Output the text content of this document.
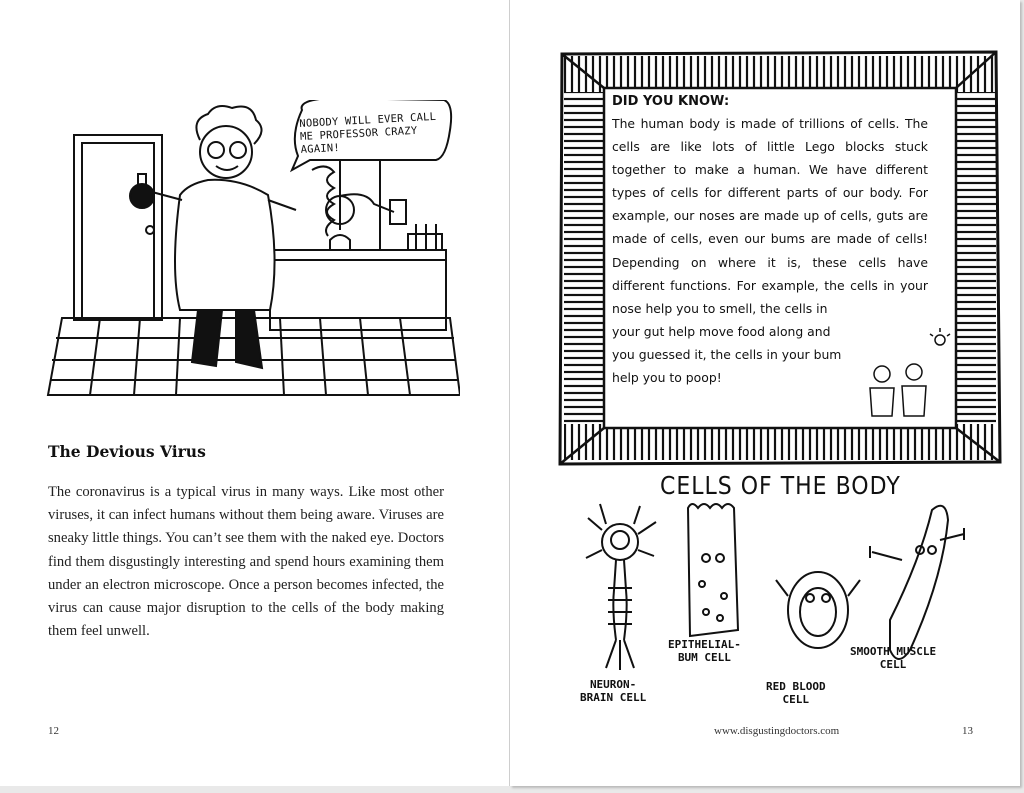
NOBODY WILL EVER CALL ME PROFESSOR CRAZY AGAIN!
The Devious Virus
The coronavirus is a typical virus in many ways. Like most other viruses, it can infect humans without them being aware. Viruses are sneaky little things. You can’t see them with the naked eye. Doctors find them disgustingly interesting and spend hours examining them under an electron microscope. Once a person becomes infected, the virus can cause major disruption to the cells of the body making them feel unwell.
12
DID YOU KNOW:
The human body is made of trillions of cells. The cells are like lots of little Lego blocks stuck together to make a human. We have different types of cells for different parts of our body. For example, our noses are made up of cells, guts are made of cells, even our bums are made of cells! Depending on where it is, these cells have different functions. For example, the cells in your nose help you to smell, the cells in
your gut help move food along and you guessed it, the cells in your bum help you to poop!
CELLS OF THE BODY
NEURON-
BRAIN CELL
EPITHELIAL-
BUM CELL
RED BLOOD
CELL
SMOOTH MUSCLE
CELL
www.disgustingdoctors.com	13
